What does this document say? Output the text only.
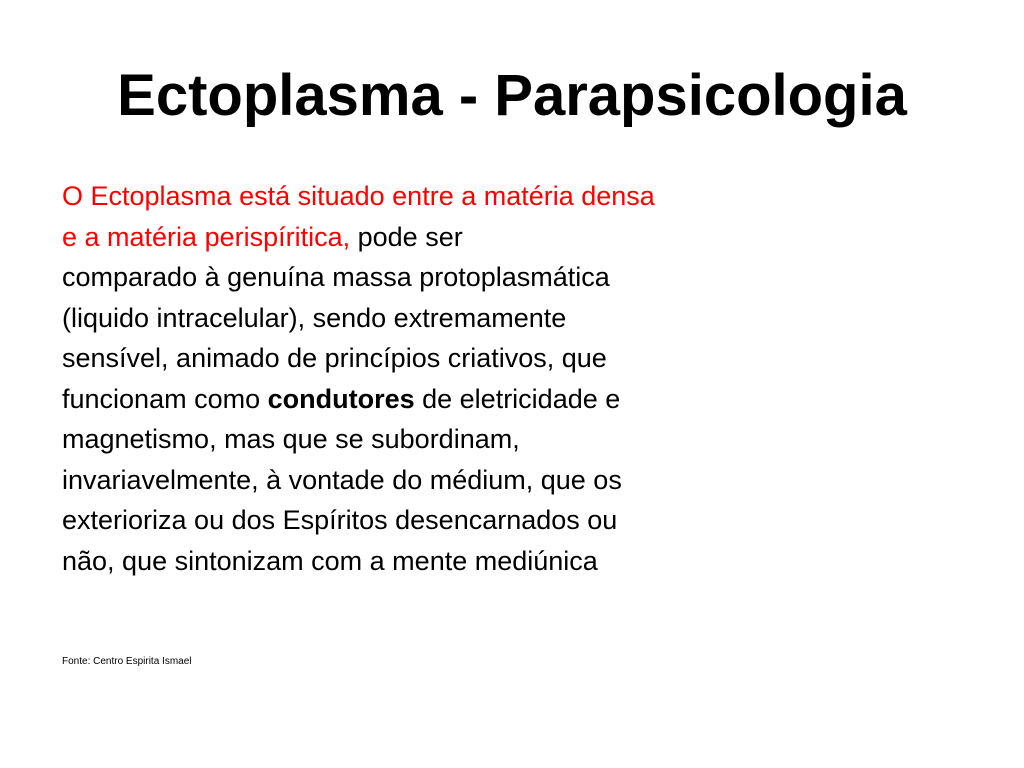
Ectoplasma - Parapsicologia

O Ectoplasma está situado entre a matéria densa
e a matéria perispíritica, pode ser
comparado à genuína massa protoplasmática
(liquido intracelular), sendo extremamente
sensível, animado de princípios criativos, que
funcionam como condutores de eletricidade e
magnetismo, mas que se subordinam,
invariavelmente, à vontade do médium, que os
exterioriza ou dos Espíritos desencarnados ou
não, que sintonizam com a mente mediúnica

Fonte: Centro Espirita Ismael
